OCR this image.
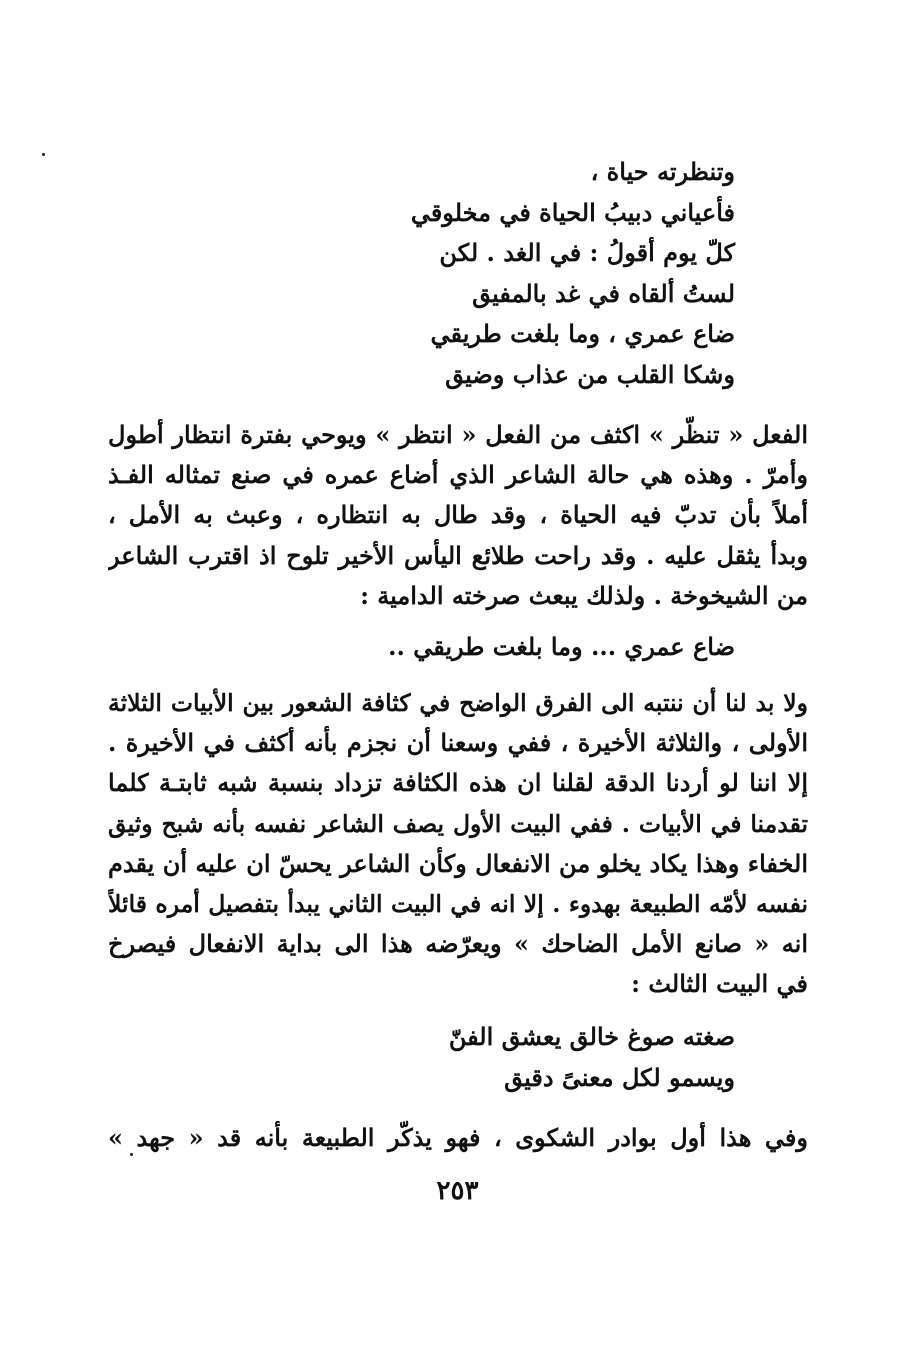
وتنظرته حياة ،
فأعياني دبيبُ الحياة في مخلوقي
كلّ يوم أقولُ : في الغد . لكن
لستُ ألقاه في غد بالمفيق
ضاع عمري ، وما بلغت طريقي
وشكا القلب من عذاب وضيق
الفعل « تنظّر » اكثف من الفعل « انتظر » ويوحي بفترة انتظار أطول
وأمرّ . وهذه هي حالة الشاعر الذي أضاع عمره في صنع تمثاله الفـذ
أملاً بأن تدبّ فيه الحياة ، وقد طال به انتظاره ، وعبث به الأمل ،
وبدأ يثقل عليه . وقد راحت طلائع اليأس الأخير تلوح اذ اقترب الشاعر
من الشيخوخة . ولذلك يبعث صرخته الدامية :
ضاع عمري ... وما بلغت طريقي ..
ولا بد لنا أن ننتبه الى الفرق الواضح في كثافة الشعور بين الأبيات الثلاثة
الأولى ، والثلاثة الأخيرة ، ففي وسعنا أن نجزم بأنه أكثف في الأخيرة .
إلا اننا لو أردنا الدقة لقلنا ان هذه الكثافة تزداد بنسبة شبه ثابتـة كلما
تقدمنا في الأبيات . ففي البيت الأول يصف الشاعر نفسه بأنه شبح وثيق
الخفاء وهذا يكاد يخلو من الانفعال وكأن الشاعر يحسّ ان عليه أن يقدم
نفسه لأمّه الطبيعة بهدوء . إلا انه في البيت الثاني يبدأ بتفصيل أمره قائلاً
انه « صانع الأمل الضاحك » ويعرّضه هذا الى بداية الانفعال فيصرخ
في البيت الثالث :
صغته صوغ خالق يعشق الفنّ
ويسمو لكل معنىً دقيق
وفي هذا أول بوادر الشكوى ، فهو يذكّر الطبيعة بأنه قد « جهد »
٢٥٣
